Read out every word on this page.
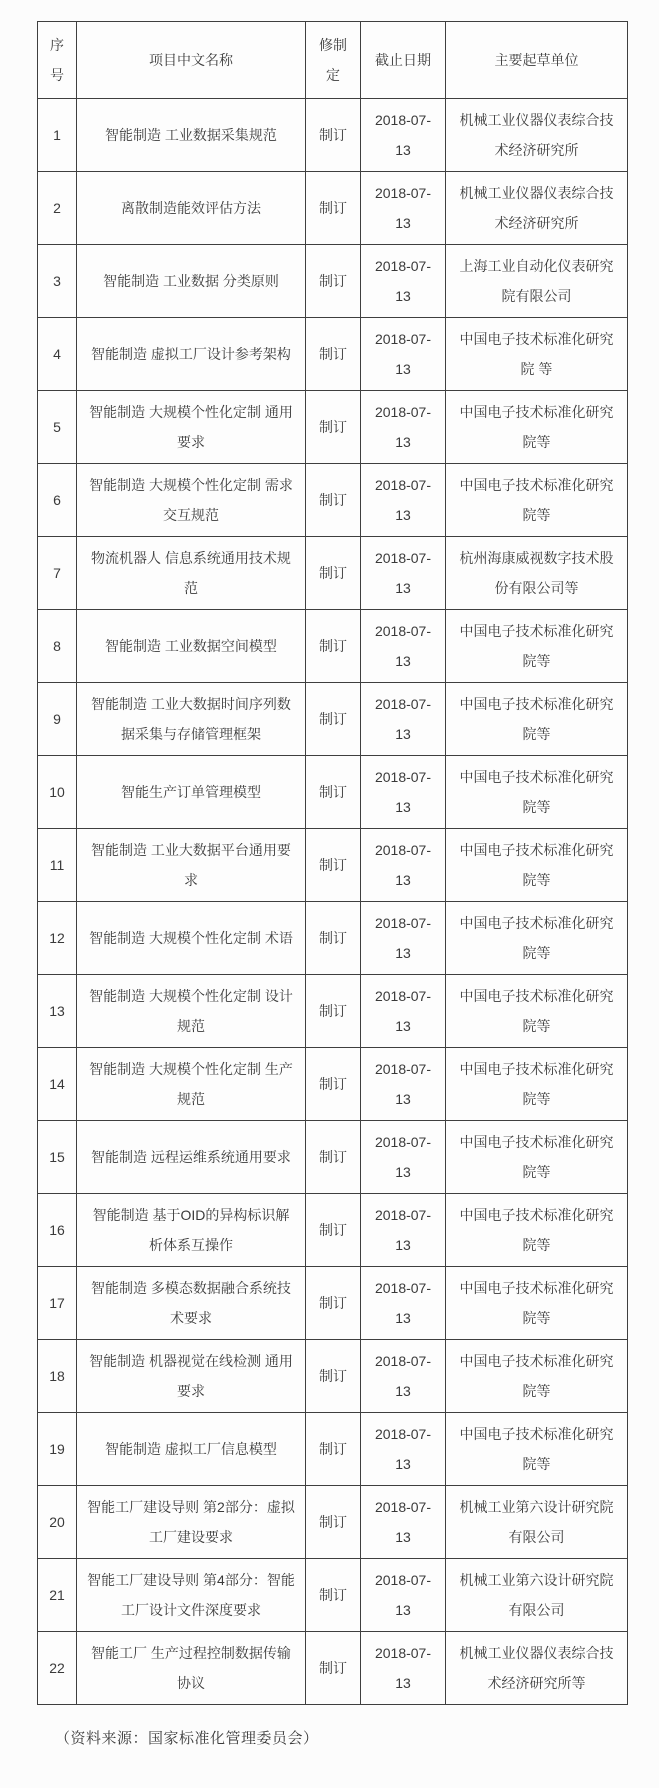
序号	项目中文名称	修制定	截止日期	主要起草单位
1	智能制造 工业数据采集规范	制订	2018-07-13	机械工业仪器仪表综合技术经济研究所
2	离散制造能效评估方法	制订	2018-07-13	机械工业仪器仪表综合技术经济研究所
3	智能制造 工业数据 分类原则	制订	2018-07-13	上海工业自动化仪表研究院有限公司
4	智能制造 虚拟工厂设计参考架构	制订	2018-07-13	中国电子技术标准化研究院 等
5	智能制造 大规模个性化定制 通用要求	制订	2018-07-13	中国电子技术标准化研究院等
6	智能制造 大规模个性化定制 需求交互规范	制订	2018-07-13	中国电子技术标准化研究院等
7	物流机器人 信息系统通用技术规范	制订	2018-07-13	杭州海康威视数字技术股份有限公司等
8	智能制造 工业数据空间模型	制订	2018-07-13	中国电子技术标准化研究院等
9	智能制造 工业大数据时间序列数据采集与存储管理框架	制订	2018-07-13	中国电子技术标准化研究院等
10	智能生产订单管理模型	制订	2018-07-13	中国电子技术标准化研究院等
11	智能制造 工业大数据平台通用要求	制订	2018-07-13	中国电子技术标准化研究院等
12	智能制造 大规模个性化定制 术语	制订	2018-07-13	中国电子技术标准化研究院等
13	智能制造 大规模个性化定制 设计规范	制订	2018-07-13	中国电子技术标准化研究院等
14	智能制造 大规模个性化定制 生产规范	制订	2018-07-13	中国电子技术标准化研究院等
15	智能制造 远程运维系统通用要求	制订	2018-07-13	中国电子技术标准化研究院等
16	智能制造 基于OID的异构标识解析体系互操作	制订	2018-07-13	中国电子技术标准化研究院等
17	智能制造 多模态数据融合系统技术要求	制订	2018-07-13	中国电子技术标准化研究院等
18	智能制造 机器视觉在线检测 通用要求	制订	2018-07-13	中国电子技术标准化研究院等
19	智能制造 虚拟工厂信息模型	制订	2018-07-13	中国电子技术标准化研究院等
20	智能工厂建设导则 第2部分：虚拟工厂建设要求	制订	2018-07-13	机械工业第六设计研究院有限公司
21	智能工厂建设导则 第4部分：智能工厂设计文件深度要求	制订	2018-07-13	机械工业第六设计研究院有限公司
22	智能工厂 生产过程控制数据传输协议	制订	2018-07-13	机械工业仪器仪表综合技术经济研究所等
（资料来源：国家标准化管理委员会）
